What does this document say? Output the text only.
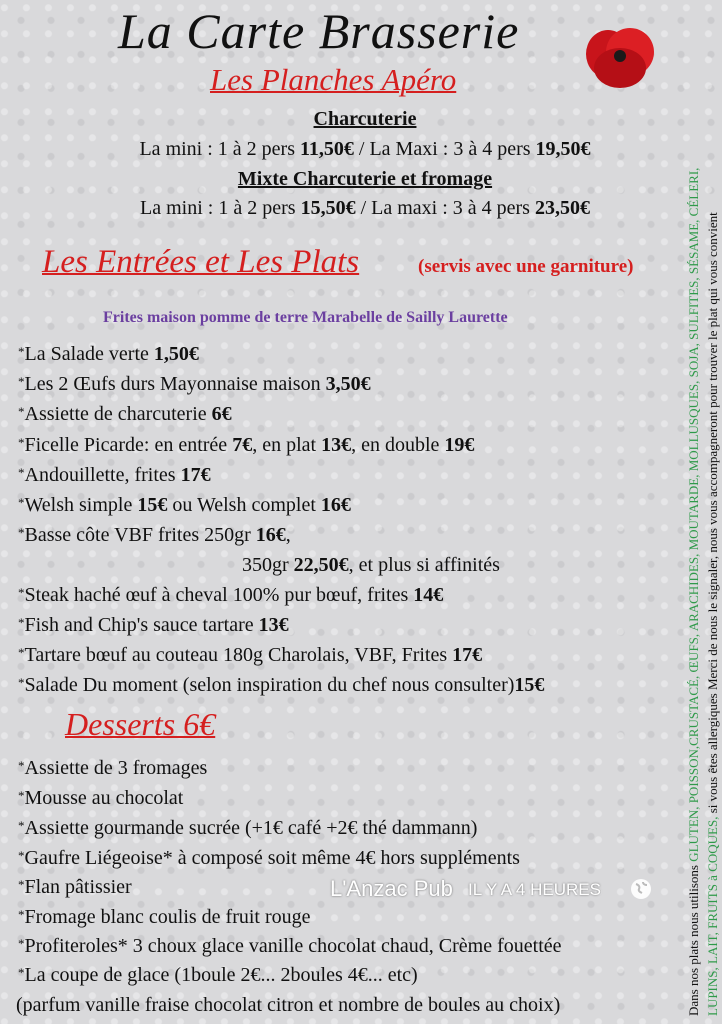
La Carte Brasserie
Les Planches Apéro
Charcuterie
La mini : 1 à 2 pers 11,50€ / La Maxi : 3 à 4 pers 19,50€
Mixte Charcuterie et fromage
La mini : 1 à 2 pers 15,50€ / La maxi : 3 à 4 pers 23,50€
Les Entrées et Les Plats	(servis avec une garniture)
Frites maison pomme de terre Marabelle de Sailly Laurette
*La Salade verte 1,50€
*Les 2 Œufs durs Mayonnaise maison 3,50€
*Assiette de charcuterie 6€
*Ficelle Picarde: en entrée 7€, en plat 13€, en double 19€
*Andouillette, frites 17€
*Welsh simple 15€ ou Welsh complet 16€
*Basse côte VBF frites 250gr 16€,
350gr 22,50€, et plus si affinités
*Steak haché œuf à cheval 100% pur bœuf, frites 14€
*Fish and Chip's sauce tartare 13€
*Tartare bœuf au couteau 180g Charolais, VBF, Frites 17€
*Salade Du moment (selon inspiration du chef nous consulter)15€
Desserts 6€
*Assiette de 3 fromages
*Mousse au chocolat
*Assiette gourmande sucrée (+1€ café +2€ thé dammann)
*Gaufre Liégeoise* à composé soit même 4€ hors suppléments
*Flan pâtissier
*Fromage blanc coulis de fruit rouge
*Profiteroles* 3 choux glace vanille chocolat chaud, Crème fouettée
*La coupe de glace (1boule 2€... 2boules 4€... etc)
(parfum vanille fraise chocolat citron et nombre de boules au choix)	Dans nos plats nous utilisons GLUTEN, POISSON,CRUSTACÉ, ŒUFS, ARACHIDES, MOUTARDE, MOLLUSQUES, SOJA, SULFITES, SÉSAME, CÉLERI,
LUPINS, LAIT, FRUITS à COQUES, si vous êtes allergiques Merci de nous le signaler, nous vous accompagneront pour trouver le plat qui vous convient
L'Anzac Pub IL Y A 4 HEURES
